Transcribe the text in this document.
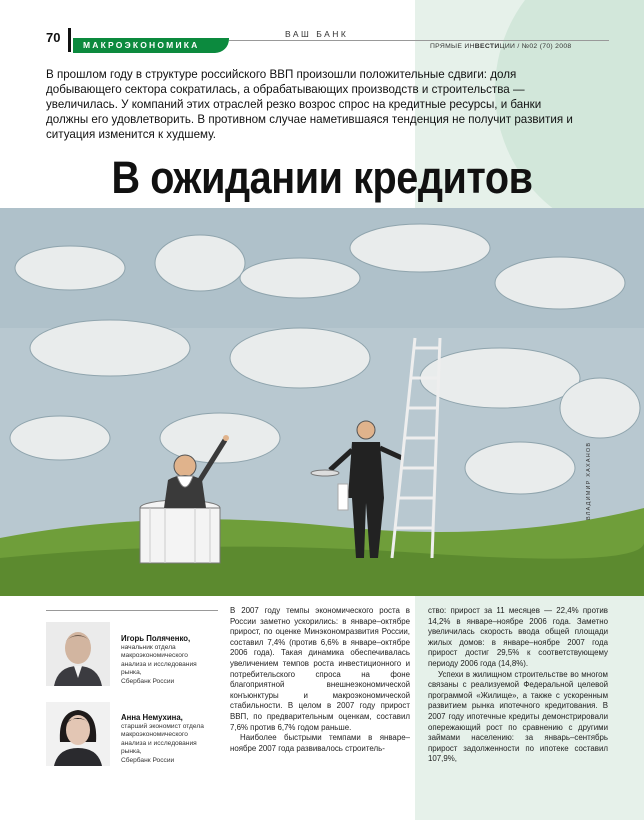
70	МАКРОЭКОНОМИКА
ВАШ БАНК
ПРЯМЫЕ ИНВЕСТИЦИИ / №02 (70) 2008

В прошлом году в структуре российского ВВП произошли положительные сдвиги: доля добывающего сектора сократилась, а обрабатывающих производств и строительства — увеличилась. У компаний этих отраслей резко возрос спрос на кредитные ресурсы, и банки должны его удовлетворить. В противном случае наметившаяся тенденция не получит развития и ситуация изменится к худшему.

В ожидании кредитов
ВЛАДИМИР ХАХАНОВ
Игорь Поляченко,
начальник отдела
макроэкономического
анализа и исследования
рынка,
Сбербанк России
Анна Немухина,
старший экономист отдела
макроэкономического
анализа и исследования
рынка,
Сбербанк России

В 2007 году темпы экономического роста в России заметно ускорились: в январе–октябре прирост, по оценке Минэкономразвития России, составил 7,4% (против 6,6% в январе–октябре 2006 года). Такая динамика обеспечивалась увеличением темпов роста инвестиционного и потребительского спроса на фоне благоприятной внешнеэкономической конъюнктуры и макроэкономической стабильности. В целом в 2007 году прирост ВВП, по предварительным оценкам, составил 7,6% против 6,7% годом раньше.

Наиболее быстрыми темпами в январе–ноябре 2007 года развивалось строитель-

ство: прирост за 11 месяцев — 22,4% против 14,2% в январе–ноябре 2006 года. Заметно увеличилась скорость ввода общей площади жилых домов: в январе–ноябре 2007 года прирост достиг 29,5% к соответствующему периоду 2006 года (14,8%).

Успехи в жилищном строительстве во многом связаны с реализуемой Федеральной целевой программой «Жилище», а также с ускоренным развитием рынка ипотечного кредитования. В 2007 году ипотечные кредиты демонстрировали опережающий рост по сравнению с другими займами населению: за январь–сентябрь прирост задолженности по ипотеке составил 107,9%,
